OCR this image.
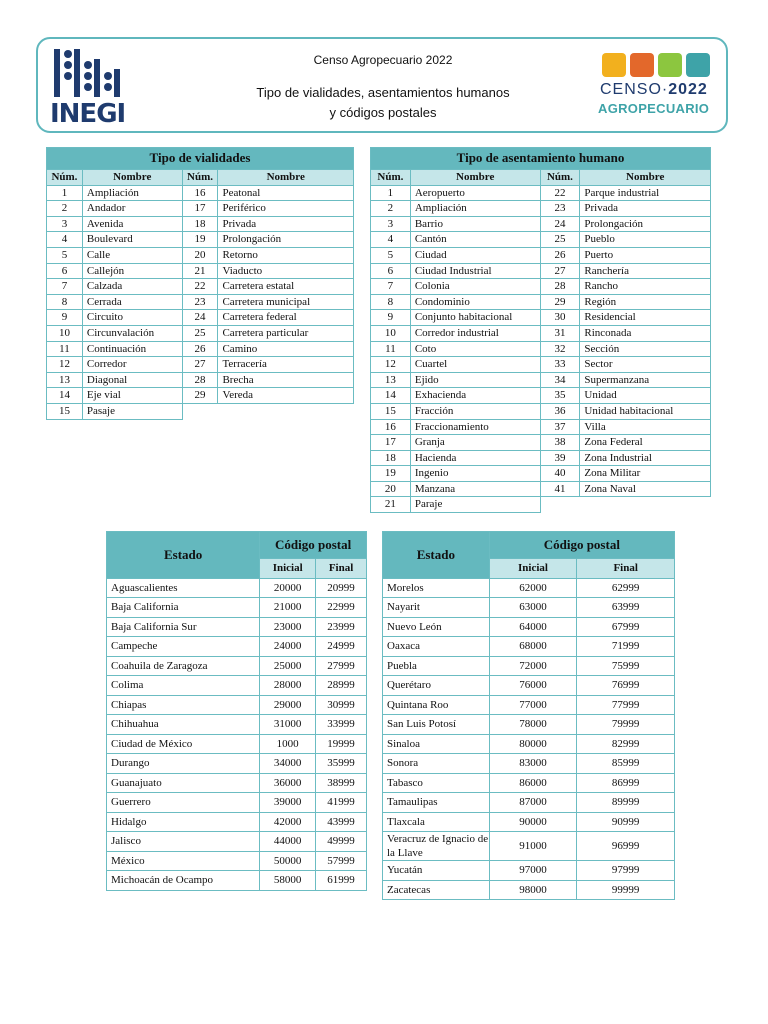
INEGI
Censo Agropecuario 2022
Tipo de vialidades, asentamientos humanos
y códigos postales
CENSO·2022
AGROPECUARIO
Tipo de vialidades			
Núm.	Nombre	Núm.	Nombre
1	Ampliación	16	Peatonal
2	Andador	17	Periférico
3	Avenida	18	Privada
4	Boulevard	19	Prolongación
5	Calle	20	Retorno
6	Callejón	21	Viaducto
7	Calzada	22	Carretera estatal
8	Cerrada	23	Carretera municipal
9	Circuito	24	Carretera federal
10	Circunvalación	25	Carretera particular
11	Continuación	26	Camino
12	Corredor	27	Terracería
13	Diagonal	28	Brecha
14	Eje vial	29	Vereda
15	Pasaje		
Tipo de asentamiento humano			
Núm.	Nombre	Núm.	Nombre
1	Aeropuerto	22	Parque industrial
2	Ampliación	23	Privada
3	Barrio	24	Prolongación
4	Cantón	25	Pueblo
5	Ciudad	26	Puerto
6	Ciudad Industrial	27	Ranchería
7	Colonia	28	Rancho
8	Condominio	29	Región
9	Conjunto habitacional	30	Residencial
10	Corredor industrial	31	Rinconada
11	Coto	32	Sección
12	Cuartel	33	Sector
13	Ejido	34	Supermanzana
14	Exhacienda	35	Unidad
15	Fracción	36	Unidad habitacional
16	Fraccionamiento	37	Villa
17	Granja	38	Zona Federal
18	Hacienda	39	Zona Industrial
19	Ingenio	40	Zona Militar
20	Manzana	41	Zona Naval
21	Paraje		
Estado	Código postal	
	Inicial	Final
Aguascalientes	20000	20999
Baja California	21000	22999
Baja California Sur	23000	23999
Campeche	24000	24999
Coahuila de Zaragoza	25000	27999
Colima	28000	28999
Chiapas	29000	30999
Chihuahua	31000	33999
Ciudad de México	1000	19999
Durango	34000	35999
Guanajuato	36000	38999
Guerrero	39000	41999
Hidalgo	42000	43999
Jalisco	44000	49999
México	50000	57999
Michoacán de Ocampo	58000	61999
Estado	Código postal	
	Inicial	Final
Morelos	62000	62999
Nayarit	63000	63999
Nuevo León	64000	67999
Oaxaca	68000	71999
Puebla	72000	75999
Querétaro	76000	76999
Quintana Roo	77000	77999
San Luis Potosí	78000	79999
Sinaloa	80000	82999
Sonora	83000	85999
Tabasco	86000	86999
Tamaulipas	87000	89999
Tlaxcala	90000	90999
Veracruz de Ignacio de la Llave	91000	96999
Yucatán	97000	97999
Zacatecas	98000	99999
